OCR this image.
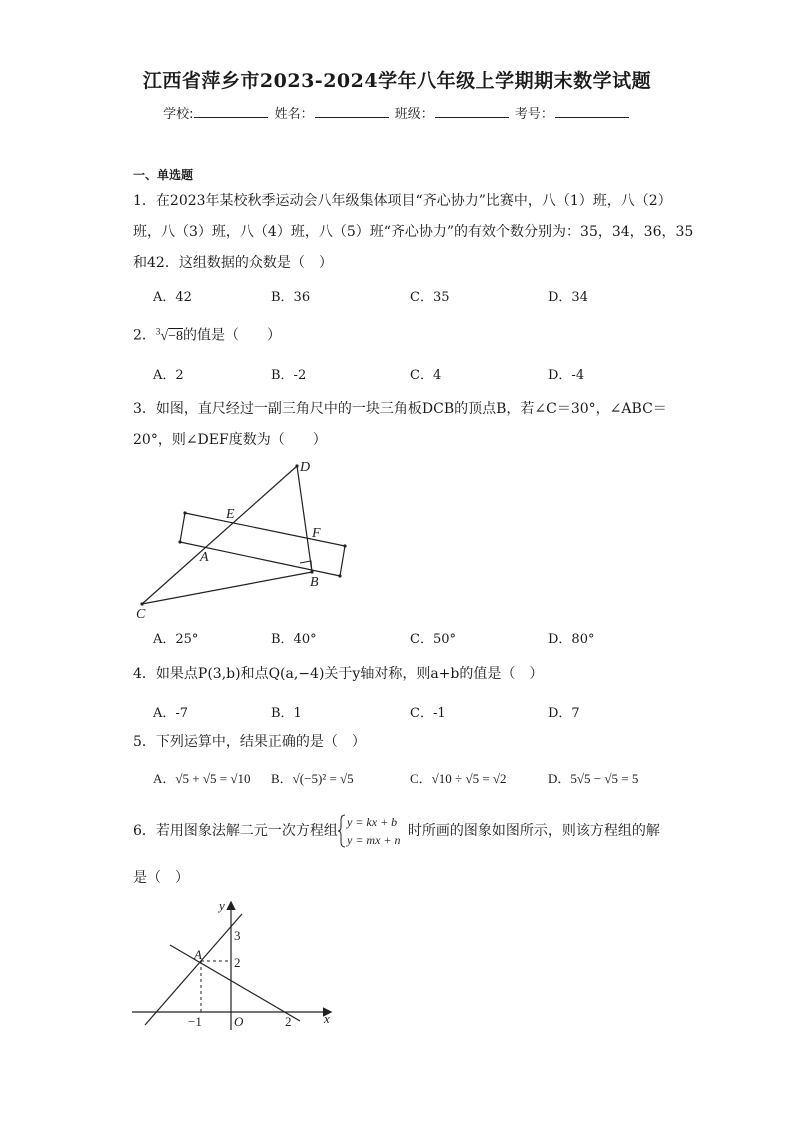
江西省萍乡市2023-2024学年八年级上学期期末数学试题
学校:	姓名：	班级：	考号：
一、单选题
1．在2023年某校秋季运动会八年级集体项目“齐心协力”比赛中，八（1）班，八（2）
班，八（3）班，八（4）班，八（5）班“齐心协力”的有效个数分别为：35，34，36，35
和42．这组数据的众数是（　）
A．42	B．36	C．35	D．34
2．$^3$√−8的值是（　　）
A．2	B．-2	C．4	D．-4
3．如图，直尺经过一副三角尺中的一块三角板DCB的顶点B，若∠C＝30°，∠ABC＝
20°，则∠DEF度数为（　　）
D
E
F
A
B
C
A．25°	B．40°	C．50°	D．80°
4．如果点P(3,b)和点Q(a,−4)关于y轴对称，则a+b的值是（　）
A．-7	B．1	C．-1	D．7
5．下列运算中，结果正确的是（　）
A．√5 + √5 = √10 B．√(−5)² = √5	C．√10 ÷ √5 = √2	D．5√5 − √5 = 5
6．若用图象法解二元一次方程组
y = kx + b
y = mx + n
时所画的图象如图所示，则该方程组的解
是（　）
y
x
O
A
3
2
−1	2
